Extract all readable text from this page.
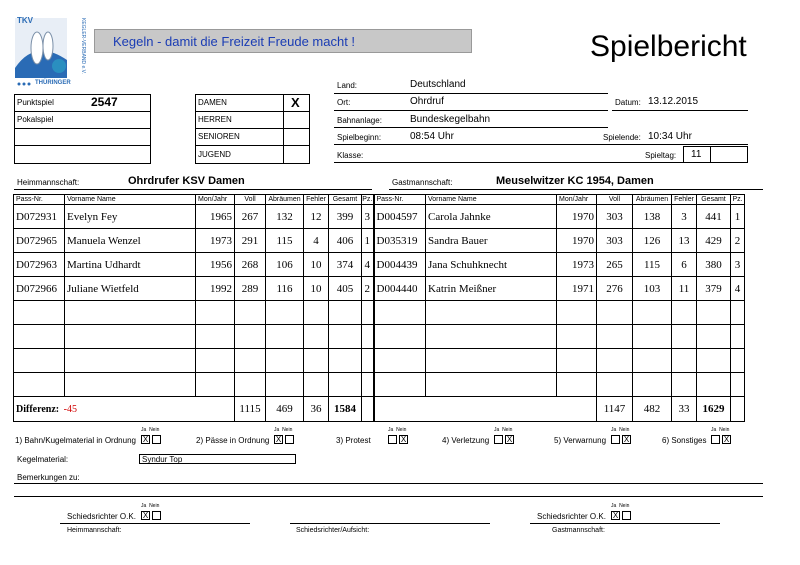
TKV
THÜRINGER
KEGLER-VERBAND e.V. Kegeln - damit die Freizeit Freude macht !	Spielbericht
Punktspiel	2547
Pokalspiel
DAMEN	X
HERREN
SENIOREN
JUGEND
Land:	Deutschland
Ort:	Ohrdruf	Datum: 13.12.2015
Bahnanlage:	Bundeskegelbahn
Spielbeginn:	08:54 Uhr	Spielende: 10:34 Uhr
Klasse:	Spieltag: 11
Heimmannschaft:	Ohrdrufer KSV Damen	Gastmannschaft:	Meuselwitzer KC 1954, Damen
Pass-Nr.	Vorname Name	Mon/Jahr	Voll	Abräumen	Fehler	Gesamt	Pz.	Pass-Nr.	Vorname Name	Mon/Jahr	Voll	Abräumen	Fehler	Gesamt	Pz.
D072931	Evelyn Fey	1965	267	132	12	399	3	D004597	Carola Jahnke	1970	303	138	3	441	1
D072965	Manuela Wenzel	1973	291	115	4	406	1	D035319	Sandra Bauer	1970	303	126	13	429	2
D072963	Martina Udhardt	1956	268	106	10	374	4	D004439	Jana Schuhknecht	1973	265	115	6	380	3
D072966	Juliane Wietfeld	1992	289	116	10	405	2	D004440	Katrin Meißner	1971	276	103	11	379	4

Differenz: -45			1115	469	36	1584					1147	482	33	1629	
1) Bahn/Kugelmaterial in Ordnung
Ja Nein
X	2) Pässe in Ordnung
Ja Nein
X	3) Protest
Ja Nein
X	4) Verletzung
Ja Nein
X	5) Verwarnung
Ja Nein
X	6) Sonstiges
Ja Nein
X
Kegelmaterial:	Syndur Top
Bemerkungen zu:
Schiedsrichter O.K.
Ja Nein
X	Schiedsrichter O.K.
Ja Nein
X
Heimmannschaft:	Schiedsrichter/Aufsicht:	Gastmannschaft:
